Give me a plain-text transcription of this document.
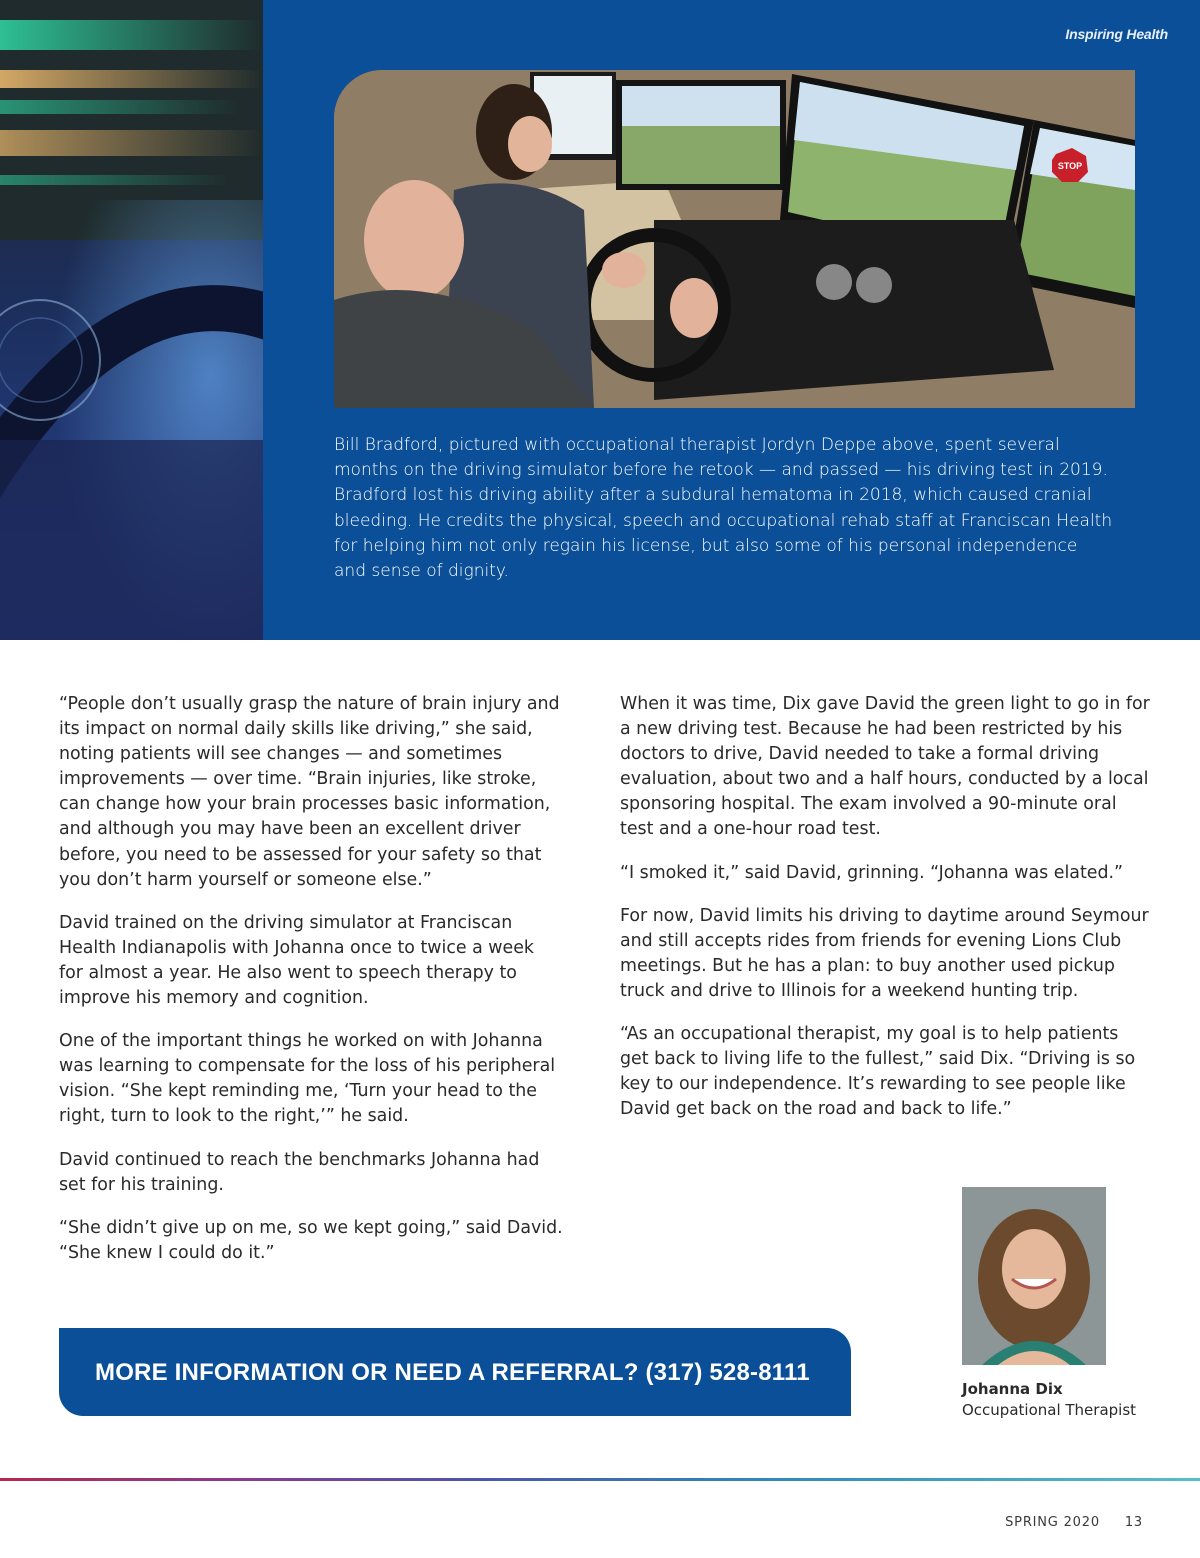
Inspiring Health
STOP

Bill Bradford, pictured with occupational therapist Jordyn Deppe above, spent several months on the driving simulator before he retook — and passed — his driving test in 2019. Bradford lost his driving ability after a subdural hematoma in 2018, which caused cranial bleeding. He credits the physical, speech and occupational rehab staff at Franciscan Health for helping him not only regain his license, but also some of his personal independence and sense of dignity.

“People don’t usually grasp the nature of brain injury and its impact on normal daily skills like driving,” she said, noting patients will see changes — and sometimes improvements — over time. “Brain injuries, like stroke, can change how your brain processes basic information, and although you may have been an excellent driver before, you need to be assessed for your safety so that you don’t harm yourself or someone else.”

David trained on the driving simulator at Franciscan Health Indianapolis with Johanna once to twice a week for almost a year. He also went to speech therapy to improve his memory and cognition.

One of the important things he worked on with Johanna was learning to compensate for the loss of his peripheral vision. “She kept reminding me, ‘Turn your head to the right, turn to look to the right,’” he said.

David continued to reach the benchmarks Johanna had set for his training.

“She didn’t give up on me, so we kept going,” said David. “She knew I could do it.”

When it was time, Dix gave David the green light to go in for a new driving test. Because he had been restricted by his doctors to drive, David needed to take a formal driving evaluation, about two and a half hours, conducted by a local sponsoring hospital. The exam involved a 90-minute oral test and a one-hour road test.

“I smoked it,” said David, grinning. “Johanna was elated.”

For now, David limits his driving to daytime around Seymour and still accepts rides from friends for evening Lions Club meetings. But he has a plan: to buy another used pickup truck and drive to Illinois for a weekend hunting trip.

“As an occupational therapist, my goal is to help patients get back to living life to the fullest,” said Dix. “Driving is so key to our independence. It’s rewarding to see people like David get back on the road and back to life.”

MORE INFORMATION OR NEED A REFERRAL? (317) 528-8111
Johanna Dix
Occupational Therapist
SPRING 2020 13
